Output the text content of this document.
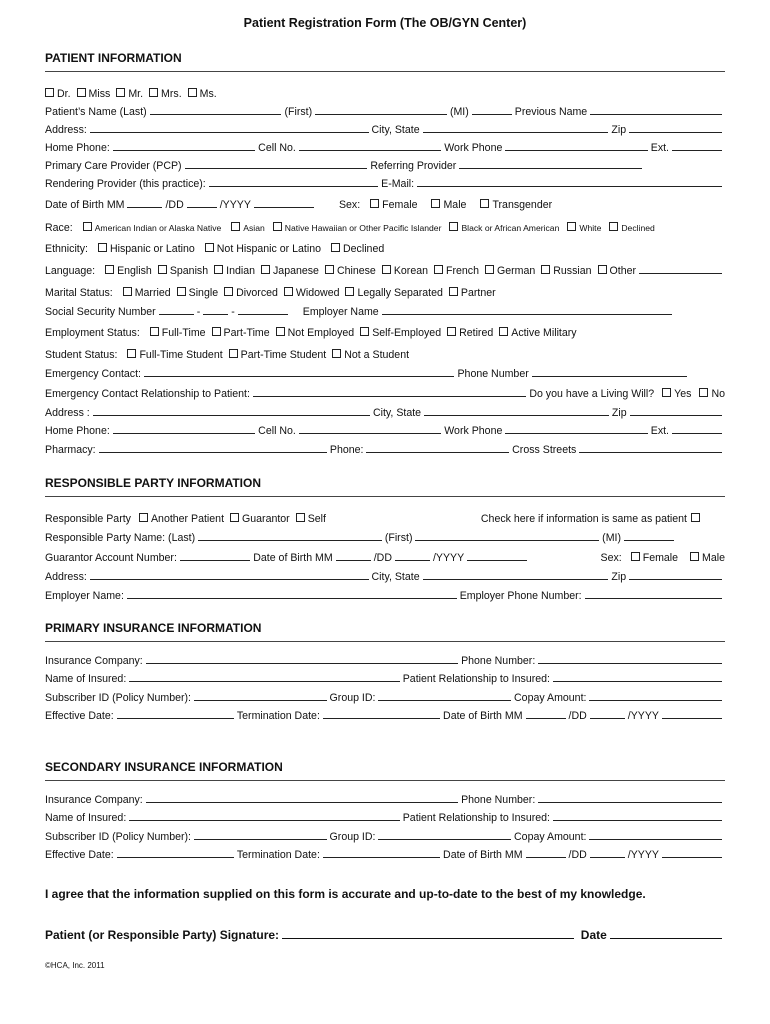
Patient Registration Form (The OB/GYN Center)
PATIENT INFORMATION
Dr. Miss Mr. Mrs. Ms.
Patient’s Name (Last)	(First)	(MI)	Previous Name
Address:	City, State	Zip
Home Phone:	Cell No.	Work Phone	Ext.
Primary Care Provider (PCP)	Referring Provider
Rendering Provider (this practice):	E-Mail:
Date of Birth MM	/DD	/YYYY	Sex: Female Male Transgender
Race:	American Indian or Alaska Native	Asian Native Hawaiian or Other Pacific Islander Black or African American White Declined
Ethnicity: Hispanic or Latino Not Hispanic or Latino Declined
Language: English Spanish Indian Japanese Chinese Korean French German Russian Other
Marital Status: Married Single Divorced Widowed Legally Separated Partner
Social Security Number	-	-	Employer Name
Employment Status: Full-Time Part-Time Not Employed Self-Employed Retired Active Military
Student Status: Full-Time Student Part-Time Student Not a Student
Emergency Contact:	Phone Number
Emergency Contact Relationship to Patient:	Do you have a Living Will? Yes No
Address :	City, State	Zip
Home Phone:	Cell No.	Work Phone	Ext.
Pharmacy:	Phone:	Cross Streets
RESPONSIBLE PARTY INFORMATION
Responsible Party Another Patient Guarantor Self	Check here if information is same as patient
Responsible Party Name: (Last)	(First)	(MI)
Guarantor Account Number:	Date of Birth MM	/DD	/YYYY	Sex: Female Male
Address:	City, State	Zip
Employer Name:	Employer Phone Number:
PRIMARY INSURANCE INFORMATION
Insurance Company:	Phone Number:
Name of Insured:	Patient Relationship to Insured:
Subscriber ID (Policy Number):	Group ID:	Copay Amount:
Effective Date:	Termination Date:	Date of Birth MM	/DD	/YYYY
SECONDARY INSURANCE INFORMATION
Insurance Company:	Phone Number:
Name of Insured:	Patient Relationship to Insured:
Subscriber ID (Policy Number):	Group ID:	Copay Amount:
Effective Date:	Termination Date:	Date of Birth MM	/DD	/YYYY
I agree that the information supplied on this form is accurate and up-to-date to the best of my knowledge.
Patient (or Responsible Party) Signature:	Date
©HCA, Inc. 2011
